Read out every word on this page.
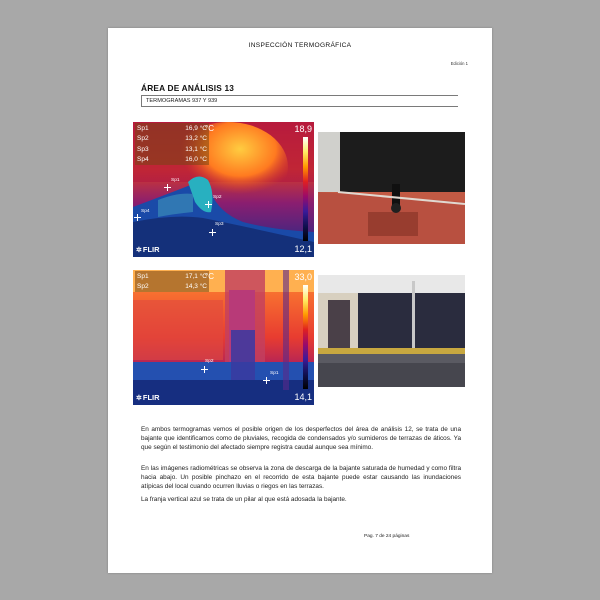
INSPECCIÓN TERMOGRÁFICA
Edición 1
ÁREA DE ANÁLISIS 13
TERMOGRAMAS 937 Y 939
Sp1	16,9 °C
Sp2	13,2 °C
Sp3	13,1 °C
Sp4	16,0 °C
°C	18,9
12,1
✲FLIR
Sp1
Sp2
Sp3
Sp4
Sp1	17,1 °C
Sp2	14,3 °C
°C	33,0
14,1
✲FLIR
Sp2
Sp1

En ambos termogramas vemos el posible origen de los desperfectos del área de análisis 12, se trata de una bajante que identificamos como de pluviales, recogida de condensados y/o sumideros de terrazas de áticos. Ya que según el testimonio del afectado siempre registra caudal aunque sea mínimo.

En las imágenes radiométricas se observa la zona de descarga de la bajante saturada de humedad y como filtra hacia abajo. Un posible pinchazo en el recorrido de esta bajante puede estar causando las inundaciones atípicas del local cuando ocurren lluvias o riegos en las terrazas.

La franja vertical azul se trata de un pilar al que está adosada la bajante.

Pag. 7 de 24 páginas
